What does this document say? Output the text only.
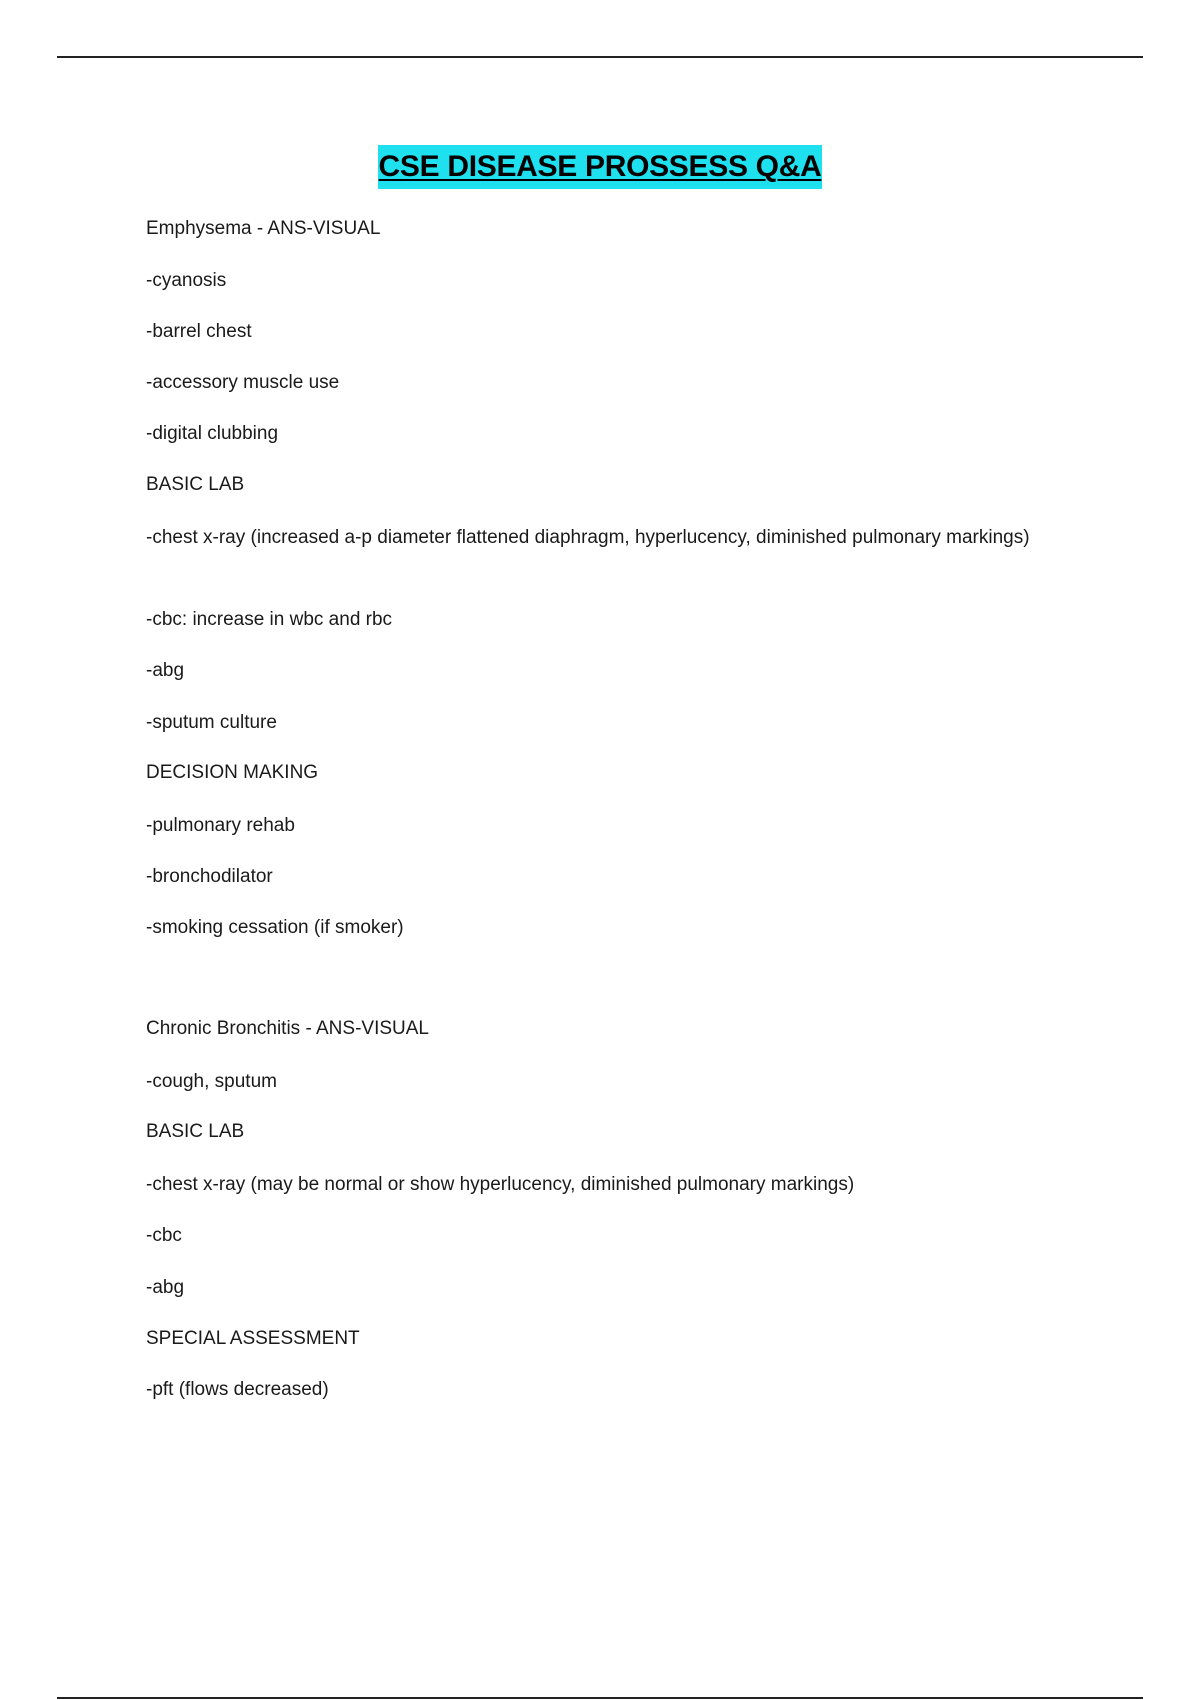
CSE DISEASE PROSSESS Q&A
Emphysema - ANS-VISUAL
-cyanosis
-barrel chest
-accessory muscle use
-digital clubbing
BASIC LAB
-chest x-ray (increased a-p diameter flattened diaphragm, hyperlucency, diminished pulmonary markings)
-cbc: increase in wbc and rbc
-abg
-sputum culture
DECISION MAKING
-pulmonary rehab
-bronchodilator
-smoking cessation (if smoker)
Chronic Bronchitis - ANS-VISUAL
-cough, sputum
BASIC LAB
-chest x-ray (may be normal or show hyperlucency, diminished pulmonary markings)
-cbc
-abg
SPECIAL ASSESSMENT
-pft (flows decreased)
